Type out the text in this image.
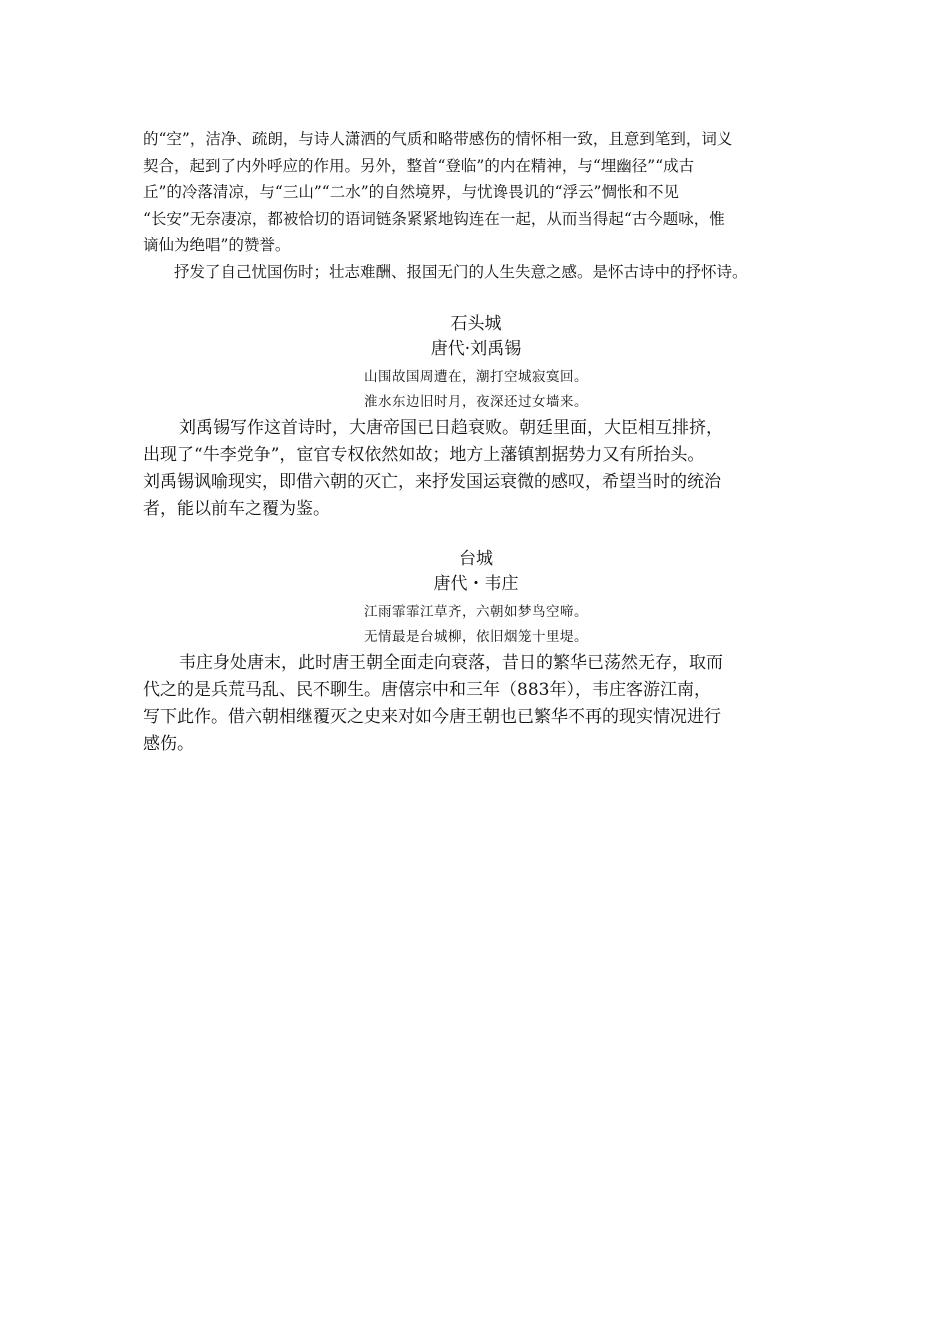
的“空”，洁净、疏朗，与诗人潇洒的气质和略带感伤的情怀相一致，且意到笔到，词义

契合，起到了内外呼应的作用。另外，整首“登临”的内在精神，与“埋幽径”“成古

丘”的冷落清凉，与“三山”“二水”的自然境界，与忧谗畏讥的“浮云”惆怅和不见

“长安”无奈凄凉，都被恰切的语词链条紧紧地钩连在一起，从而当得起“古今题咏，惟

谪仙为绝唱”的赞誉。

抒发了自己忧国伤时；壮志难酬、报国无门的人生失意之感。是怀古诗中的抒怀诗。

石头城

唐代·刘禹锡

山围故国周遭在，潮打空城寂寞回。

淮水东边旧时月，夜深还过女墙来。

刘禹锡写作这首诗时，大唐帝国已日趋衰败。朝廷里面，大臣相互排挤，

出现了“牛李党争”，宦官专权依然如故；地方上藩镇割据势力又有所抬头。

刘禹锡讽喻现实，即借六朝的灭亡，来抒发国运衰微的感叹，希望当时的统治

者，能以前车之覆为鉴。

台城

唐代・韦庄

江雨霏霏江草齐，六朝如梦鸟空啼。

无情最是台城柳，依旧烟笼十里堤。

韦庄身处唐末，此时唐王朝全面走向衰落，昔日的繁华已荡然无存，取而

代之的是兵荒马乱、民不聊生。唐僖宗中和三年（883年），韦庄客游江南，

写下此作。借六朝相继覆灭之史来对如今唐王朝也已繁华不再的现实情况进行

感伤。
